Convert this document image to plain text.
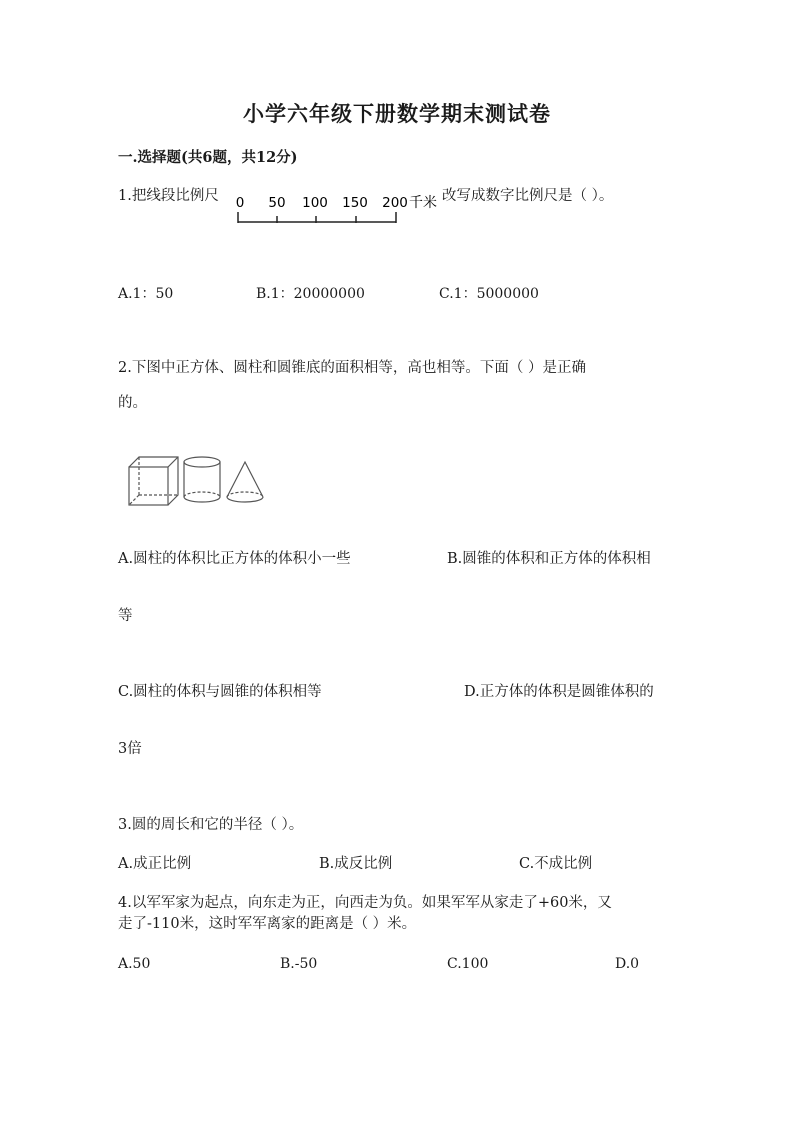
小学六年级下册数学期末测试卷
一.选择题(共6题，共12分)
1.把线段比例尺 0 50 100 150 200 千米 改写成数字比例尺是（ ）。
A.1：50	B.1：20000000	C.1：5000000
2.下图中正方体、圆柱和圆锥底的面积相等，高也相等。下面（ ）是正确
的。
A.圆柱的体积比正方体的体积小一些	B.圆锥的体积和正方体的体积相
等
C.圆柱的体积与圆锥的体积相等	D.正方体的体积是圆锥体积的
3倍
3.圆的周长和它的半径（ ）。
A.成正比例	B.成反比例	C.不成比例
4.以军军家为起点，向东走为正，向西走为负。如果军军从家走了+60米，又
走了-110米，这时军军离家的距离是（ ）米。
A.50	B.-50	C.100	D.0
